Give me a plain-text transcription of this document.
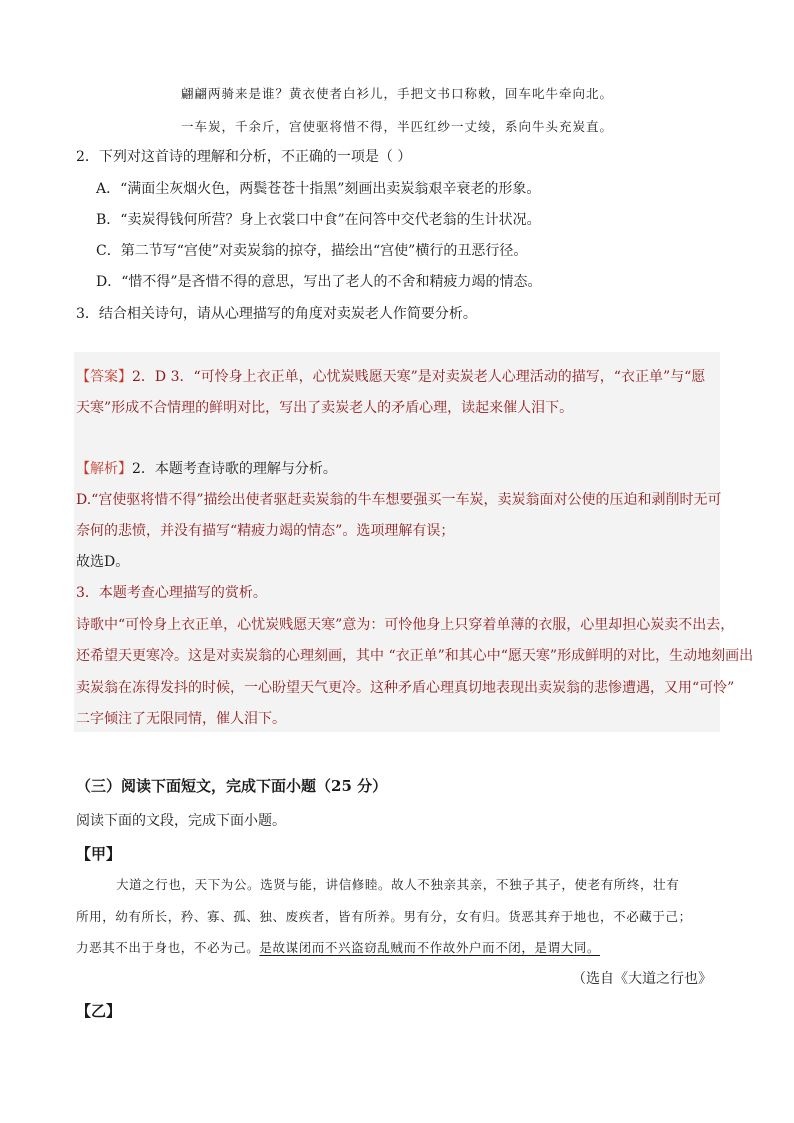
翩翩两骑来是谁？黄衣使者白衫儿，手把文书口称敕，回车叱牛牵向北。
一车炭，千余斤，宫使驱将惜不得，半匹红纱一丈绫，系向牛头充炭直。
2．下列对这首诗的理解和分析，不正确的一项是（ ）
A．“满面尘灰烟火色，两鬓苍苍十指黑”刻画出卖炭翁艰辛衰老的形象。
B．“卖炭得钱何所营？身上衣裳口中食”在问答中交代老翁的生计状况。
C．第二节写“宫使”对卖炭翁的掠夺，描绘出“宫使”横行的丑恶行径。
D．“惜不得”是吝惜不得的意思，写出了老人的不舍和精疲力竭的情态。
3．结合相关诗句，请从心理描写的角度对卖炭老人作简要分析。
【答案】2．D 3．“可怜身上衣正单，心忧炭贱愿天寒”是对卖炭老人心理活动的描写，“衣正单”与“愿
天寒”形成不合情理的鲜明对比，写出了卖炭老人的矛盾心理，读起来催人泪下。
【解析】2．本题考查诗歌的理解与分析。
D.“宫使驱将惜不得”描绘出使者驱赶卖炭翁的牛车想要强买一车炭，卖炭翁面对公使的压迫和剥削时无可
奈何的悲愤，并没有描写“精疲力竭的情态”。选项理解有误；
故选D。
3．本题考查心理描写的赏析。
诗歌中“可怜身上衣正单，心忧炭贱愿天寒”意为：可怜他身上只穿着单薄的衣服，心里却担心炭卖不出去，
还希望天更寒冷。这是对卖炭翁的心理刻画，其中 “衣正单”和其心中“愿天寒”形成鲜明的对比，生动地刻画出
卖炭翁在冻得发抖的时候，一心盼望天气更冷。这种矛盾心理真切地表现出卖炭翁的悲惨遭遇，又用“可怜”
二字倾注了无限同情，催人泪下。
（三）阅读下面短文，完成下面小题（25 分）
阅读下面的文段，完成下面小题。
【甲】
大道之行也，天下为公。选贤与能，讲信修睦。故人不独亲其亲，不独子其子，使老有所终，壮有
所用，幼有所长，矜、寡、孤、独、废疾者，皆有所养。男有分，女有归。货恶其弃于地也，不必藏于己；
力恶其不出于身也，不必为己。是故谋闭而不兴盗窃乱贼而不作故外户而不闭，是谓大同。
（选自《大道之行也》
【乙】
